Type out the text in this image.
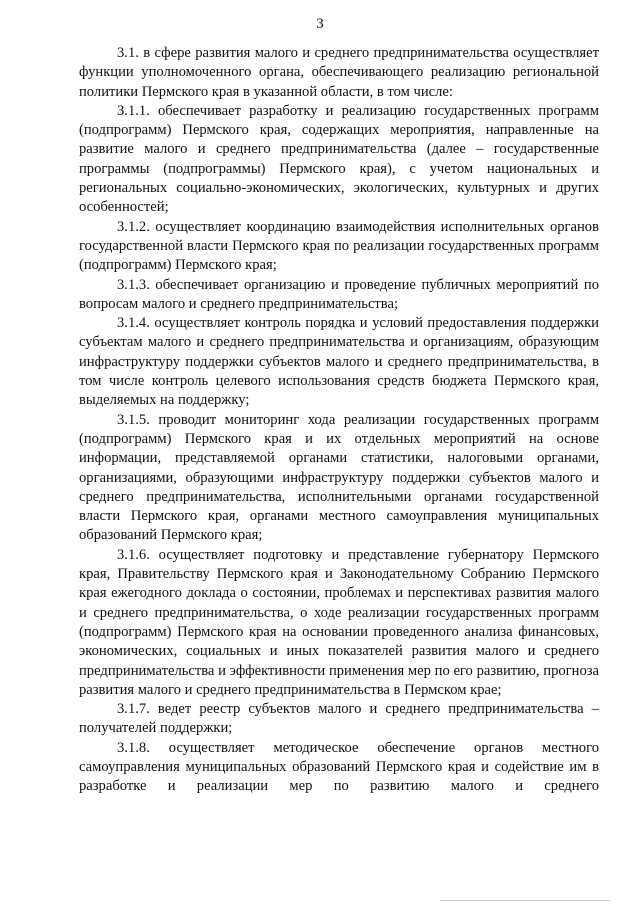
3

3.1. в сфере развития малого и среднего предпринимательства осуществляет функции уполномоченного органа, обеспечивающего реализацию региональной политики Пермского края в указанной области, в том числе:

3.1.1. обеспечивает разработку и реализацию государственных программ (подпрограмм) Пермского края, содержащих мероприятия, направленные на развитие малого и среднего предпринимательства (далее – государственные программы (подпрограммы) Пермского края), с учетом национальных и региональных социально-экономических, экологических, культурных и других особенностей;

3.1.2. осуществляет координацию взаимодействия исполнительных органов государственной власти Пермского края по реализации государственных программ (подпрограмм) Пермского края;

3.1.3. обеспечивает организацию и проведение публичных мероприятий по вопросам малого и среднего предпринимательства;

3.1.4. осуществляет контроль порядка и условий предоставления поддержки субъектам малого и среднего предпринимательства и организациям, образующим инфраструктуру поддержки субъектов малого и среднего предпринимательства, в том числе контроль целевого использования средств бюджета Пермского края, выделяемых на поддержку;

3.1.5. проводит мониторинг хода реализации государственных программ (подпрограмм) Пермского края и их отдельных мероприятий на основе информации, представляемой органами статистики, налоговыми органами, организациями, образующими инфраструктуру поддержки субъектов малого и среднего предпринимательства, исполнительными органами государственной власти Пермского края, органами местного самоуправления муниципальных образований Пермского края;

3.1.6. осуществляет подготовку и представление губернатору Пермского края, Правительству Пермского края и Законодательному Собранию Пермского края ежегодного доклада о состоянии, проблемах и перспективах развития малого и среднего предпринимательства, о ходе реализации государственных программ (подпрограмм) Пермского края на основании проведенного анализа финансовых, экономических, социальных и иных показателей развития малого и среднего предпринимательства и эффективности применения мер по его развитию, прогноза развития малого и среднего предпринимательства в Пермском крае;

3.1.7. ведет реестр субъектов малого и среднего предпринимательства – получателей поддержки;

3.1.8. осуществляет методическое обеспечение органов местного самоуправления муниципальных образований Пермского края и содействие им в разработке и реализации мер по развитию малого и среднего
